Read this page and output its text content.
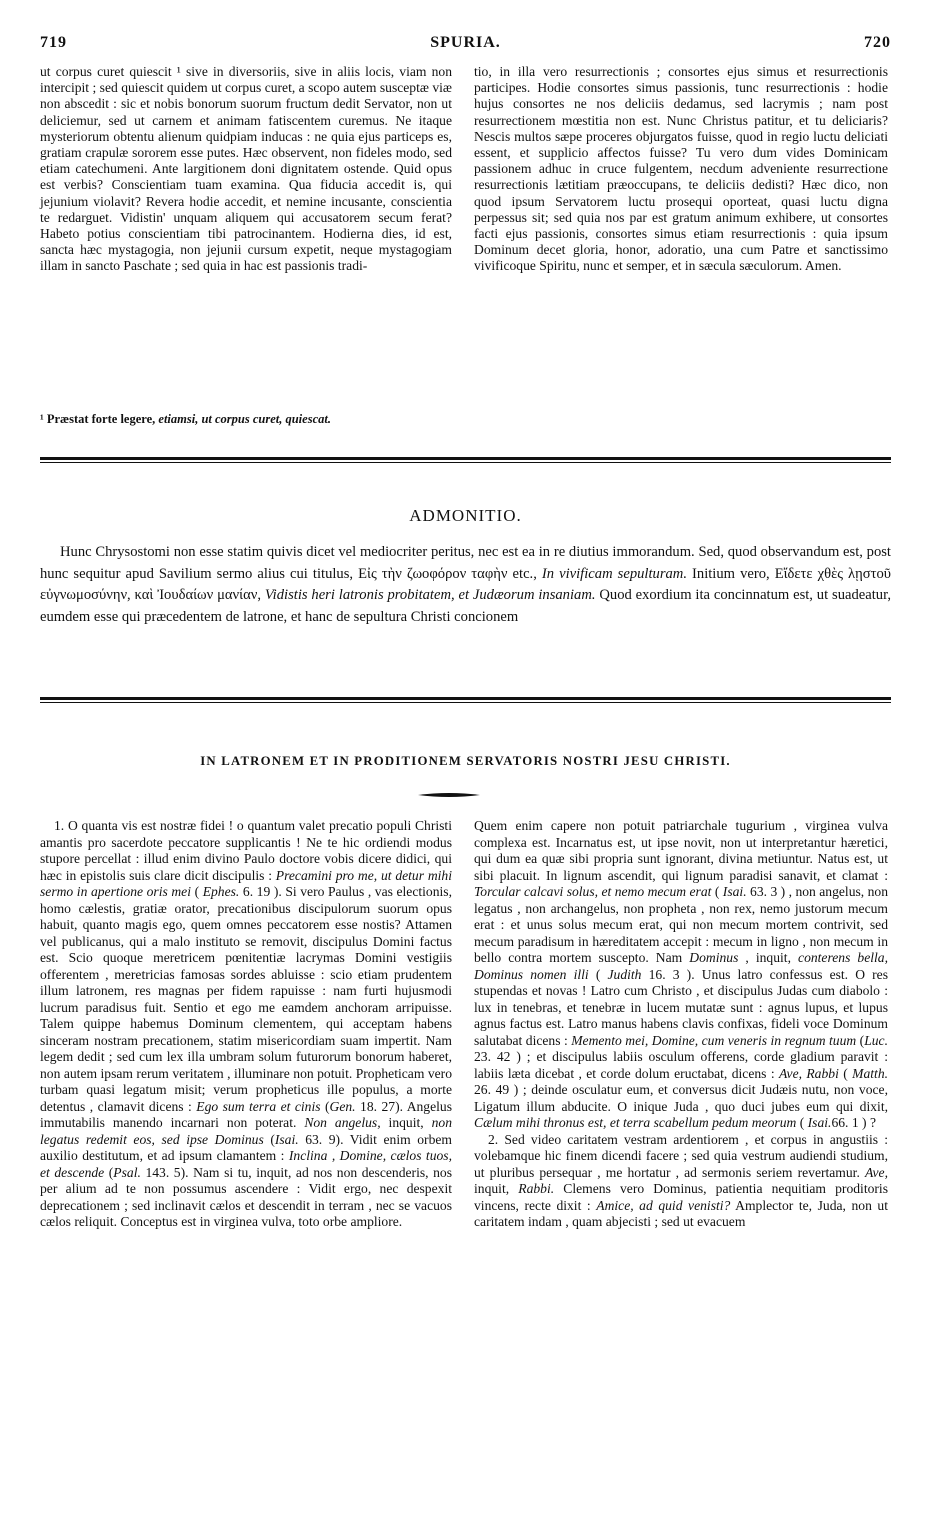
719	SPURIA.	720

ut corpus curet quiescit ¹ sive in diversoriis, sive in aliis locis, viam non intercipit ; sed quiescit quidem ut corpus curet, a scopo autem susceptæ viæ non abscedit : sic et nobis bonorum suorum fructum dedit Servator, non ut deliciemur, sed ut carnem et animam fatiscentem curemus. Ne itaque mysteriorum obtentu alienum quidpiam inducas : ne quia ejus particeps es, gratiam crapulæ sororem esse putes. Hæc observent, non fideles modo, sed etiam catechumeni. Ante largitionem doni dignitatem ostende. Quid opus est verbis? Conscientiam tuam examina. Qua fiducia accedit is, qui jejunium violavit? Revera hodie accedit, et nemine incusante, conscientia te redarguet. Vidistin' unquam aliquem qui accusatorem secum ferat? Habeto potius conscientiam tibi patrocinantem. Hodierna dies, id est, sancta hæc mystagogia, non jejunii cursum expetit, neque mystagogiam illam in sancto Paschate ; sed quia in hac est passionis tradi-

¹ Præstat forte legere, etiamsi, ut corpus curet, quiescat.

tio, in illa vero resurrectionis ; consortes ejus simus et resurrectionis participes. Hodie consortes simus passionis, tunc resurrectionis : hodie hujus consortes ne nos deliciis dedamus, sed lacrymis ; nam post resurrectionem mœstitia non est. Nunc Christus patitur, et tu deliciaris? Nescis multos sæpe proceres objurgatos fuisse, quod in regio luctu deliciati essent, et supplicio affectos fuisse? Tu vero dum vides Dominicam passionem adhuc in cruce fulgentem, necdum adveniente resurrectione resurrectionis lætitiam præoccupans, te deliciis dedisti? Hæc dico, non quod ipsum Servatorem luctu prosequi oporteat, quasi luctu digna perpessus sit; sed quia nos par est gratum animum exhibere, ut consortes facti ejus passionis, consortes simus etiam resurrectionis : quia ipsum Dominum decet gloria, honor, adoratio, una cum Patre et sanctissimo vivificoque Spiritu, nunc et semper, et in sæcula sæculorum. Amen.

ADMONITIO.

Hunc Chrysostomi non esse statim quivis dicet vel mediocriter peritus, nec est ea in re diutius immorandum. Sed, quod observandum est, post hunc sequitur apud Savilium sermo alius cui titulus, Εἰς τὴν ζωοφόρον ταφὴν etc., In vivificam sepulturam. Initium vero, Εἴδετε χθὲς λῃστοῦ εὐγνωμοσύνην, καὶ Ἰουδαίων μανίαν, Vidistis heri latronis probitatem, et Judæorum insaniam. Quod exordium ita concinnatum est, ut suadeatur, eumdem esse qui præcedentem de latrone, et hanc de sepultura Christi concionem

IN LATRONEM ET IN PRODITIONEM SERVATORIS NOSTRI JESU CHRISTI.

1. O quanta vis est nostræ fidei ! o quantum valet precatio populi Christi amantis pro sacerdote peccatore supplicantis ! Ne te hic ordiendi modus stupore percellat : illud enim divino Paulo doctore vobis dicere didici, qui hæc in epistolis suis clare dicit discipulis : Precamini pro me, ut detur mihi sermo in apertione oris mei ( Ephes. 6. 19 ). Si vero Paulus , vas electionis, homo cælestis, gratiæ orator, precationibus discipulorum suorum opus habuit, quanto magis ego, quem omnes peccatorem esse nostis? Attamen vel publicanus, qui a malo instituto se removit, discipulus Domini factus est. Scio quoque meretricem pœnitentiæ lacrymas Domini vestigiis offerentem , meretricias famosas sordes abluisse : scio etiam prudentem illum latronem, res magnas per fidem rapuisse : nam furti hujusmodi lucrum paradisus fuit. Sentio et ego me eamdem anchoram arripuisse. Talem quippe habemus Dominum clementem, qui acceptam habens sinceram nostram precationem, statim misericordiam suam impertit. Nam legem dedit ; sed cum lex illa umbram solum futurorum bonorum haberet, non autem ipsam rerum veritatem , illuminare non potuit. Propheticam vero turbam quasi legatum misit; verum propheticus ille populus, a morte detentus , clamavit dicens : Ego sum terra et cinis (Gen. 18. 27). Angelus immutabilis manendo incarnari non poterat. Non angelus, inquit, non legatus redemit eos, sed ipse Dominus (Isai. 63. 9). Vidit enim orbem auxilio destitutum, et ad ipsum clamantem : Inclina , Domine, cælos tuos, et descende (Psal. 143. 5). Nam si tu, inquit, ad nos non descenderis, nos per alium ad te non possumus ascendere : Vidit ergo, nec despexit deprecationem ; sed inclinavit cælos et descendit in terram , nec se vacuos cælos reliquit. Conceptus est in virginea vulva, toto orbe ampliore.

Quem enim capere non potuit patriarchale tugurium , virginea vulva complexa est. Incarnatus est, ut ipse novit, non ut interpretantur hæretici, qui dum ea quæ sibi propria sunt ignorant, divina metiuntur. Natus est, ut sibi placuit. In lignum ascendit, qui lignum paradisi sanavit, et clamat : Torcular calcavi solus, et nemo mecum erat ( Isai. 63. 3 ) , non angelus, non legatus , non archangelus, non propheta , non rex, nemo justorum mecum erat : et unus solus mecum erat, qui non mecum mortem contrivit, sed mecum paradisum in hæreditatem accepit : mecum in ligno , non mecum in bello contra mortem suscepto. Nam Dominus , inquit, conterens bella, Dominus nomen illi ( Judith 16. 3 ). Unus latro confessus est. O res stupendas et novas ! Latro cum Christo , et discipulus Judas cum diabolo : lux in tenebras, et tenebræ in lucem mutatæ sunt : agnus lupus, et lupus agnus factus est. Latro manus habens clavis confixas, fideli voce Dominum salutabat dicens : Memento mei, Domine, cum veneris in regnum tuum (Luc. 23. 42 ) ; et discipulus labiis osculum offerens, corde gladium paravit : labiis læta dicebat , et corde dolum eructabat, dicens : Ave, Rabbi ( Matth. 26. 49 ) ; deinde osculatur eum, et conversus dicit Judæis nutu, non voce, Ligatum illum abducite. O inique Juda , quo duci jubes eum qui dixit, Cælum mihi thronus est, et terra scabellum pedum meorum ( Isai.66. 1 ) ?

2. Sed video caritatem vestram ardentiorem , et corpus in angustiis : volebamque hic finem dicendi facere ; sed quia vestrum audiendi studium, ut pluribus persequar , me hortatur , ad sermonis seriem revertamur. Ave, inquit, Rabbi. Clemens vero Dominus, patientia nequitiam proditoris vincens, recte dixit : Amice, ad quid venisti? Amplector te, Juda, non ut caritatem indam , quam abjecisti ; sed ut evacuem
